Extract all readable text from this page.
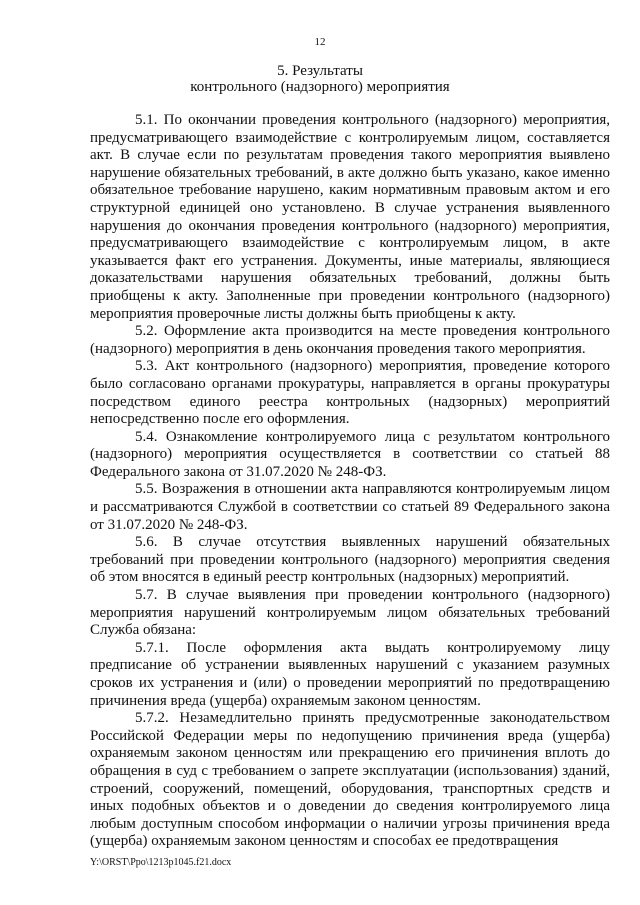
12
5. Результаты
контрольного (надзорного) мероприятия

5.1. По окончании проведения контрольного (надзорного) мероприятия, предусматривающего взаимодействие с контролируемым лицом, составляется акт. В случае если по результатам проведения такого мероприятия выявлено нарушение обязательных требований, в акте должно быть указано, какое именно обязательное требование нарушено, каким нормативным правовым актом и его структурной единицей оно установлено. В случае устранения выявленного нарушения до окончания проведения контрольного (надзорного) мероприятия, предусматривающего взаимодействие с контролируемым лицом, в акте указывается факт его устранения. Документы, иные материалы, являющиеся доказательствами нарушения обязательных требований, должны быть приобщены к акту. Заполненные при проведении контрольного (надзорного) мероприятия проверочные листы должны быть приобщены к акту.

5.2. Оформление акта производится на месте проведения контрольного (надзорного) мероприятия в день окончания проведения такого мероприятия.

5.3. Акт контрольного (надзорного) мероприятия, проведение которого было согласовано органами прокуратуры, направляется в органы прокуратуры посредством единого реестра контрольных (надзорных) мероприятий непосредственно после его оформления.

5.4. Ознакомление контролируемого лица с результатом контрольного (надзорного) мероприятия осуществляется в соответствии со статьей 88 Федерального закона от 31.07.2020 № 248-ФЗ.

5.5. Возражения в отношении акта направляются контролируемым лицом и рассматриваются Службой в соответствии со статьей 89 Федерального закона от 31.07.2020 № 248-ФЗ.

5.6. В случае отсутствия выявленных нарушений обязательных требований при проведении контрольного (надзорного) мероприятия сведения об этом вносятся в единый реестр контрольных (надзорных) мероприятий.

5.7. В случае выявления при проведении контрольного (надзорного) мероприятия нарушений контролируемым лицом обязательных требований Служба обязана:

5.7.1. После оформления акта выдать контролируемому лицу предписание об устранении выявленных нарушений с указанием разумных сроков их устранения и (или) о проведении мероприятий по предотвращению причинения вреда (ущерба) охраняемым законом ценностям.

5.7.2. Незамедлительно принять предусмотренные законодательством Российской Федерации меры по недопущению причинения вреда (ущерба) охраняемым законом ценностям или прекращению его причинения вплоть до обращения в суд с требованием о запрете эксплуатации (использования) зданий, строений, сооружений, помещений, оборудования, транспортных средств и иных подобных объектов и о доведении до сведения контролируемого лица любым доступным способом информации о наличии угрозы причинения вреда (ущерба) охраняемым законом ценностям и способах ее предотвращения

Y:\ORST\Ppo\1213p1045.f21.docx
